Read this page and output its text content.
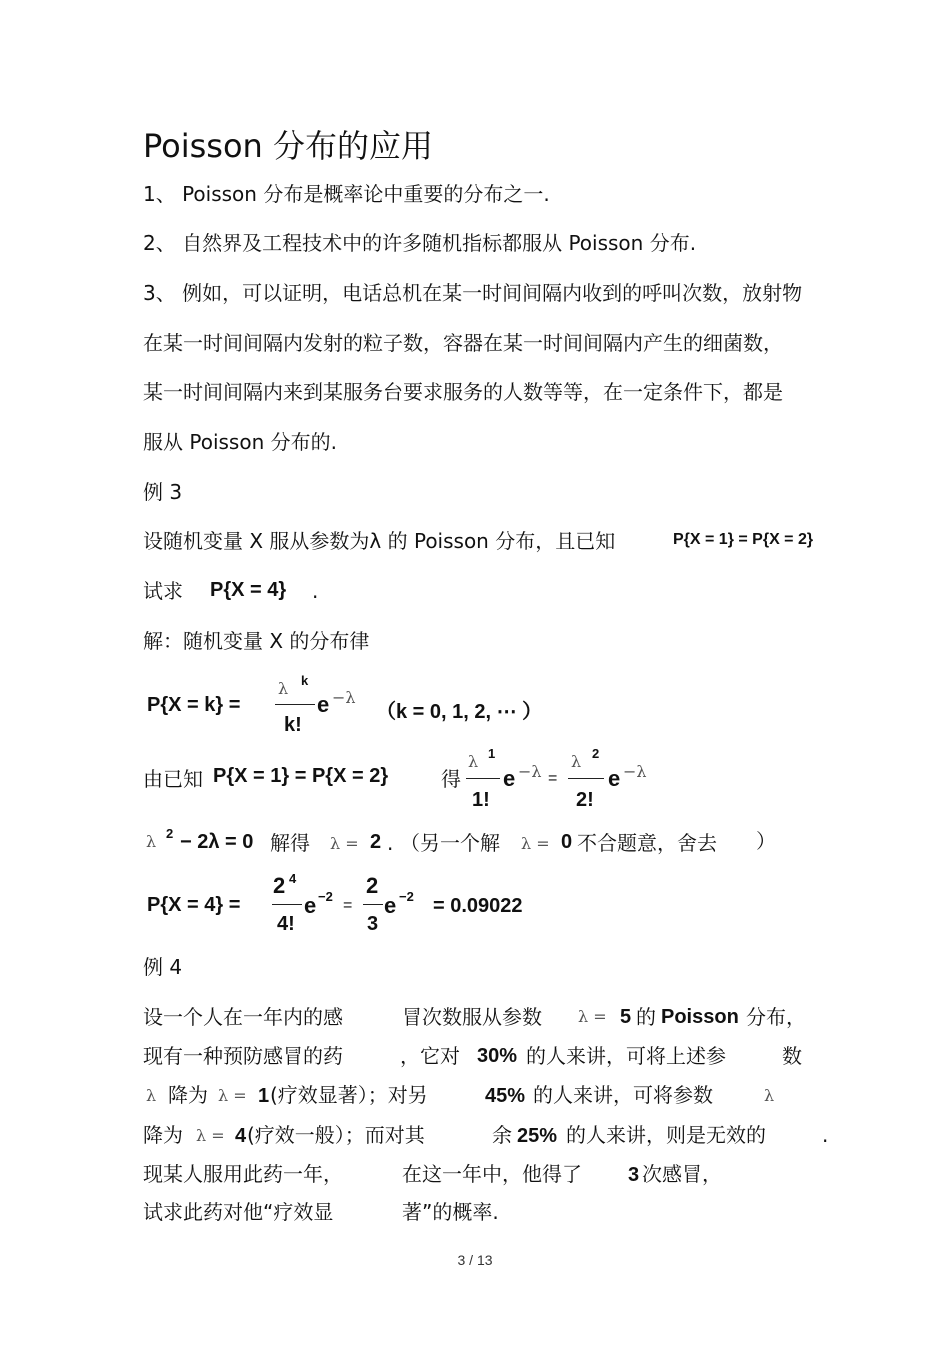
Poisson 分布的应用
1、 Poisson 分布是概率论中重要的分布之一.
2、 自然界及工程技术中的许多随机指标都服从 Poisson 分布.
3、 例如，可以证明，电话总机在某一时间间隔内收到的呼叫次数，放射物
在某一时间间隔内发射的粒子数，容器在某一时间间隔内产生的细菌数，
某一时间间隔内来到某服务台要求服务的人数等等，在一定条件下，都是
服从 Poisson 分布的.
例 3
设随机变量 X 服从参数为λ 的 Poisson 分布，且已知	P{X = 1} = P{X = 2}
试求 P{X = 4} .
解：随机变量 X 的分布律
P{X = k} =
λ k
k!
e −λ
（k = 0, 1, 2, ⋯ ）
由已知 P{X = 1} = P{X = 2}	得
λ 1
1!
e −λ =
λ 2
2!
e −λ
λ 2 − 2λ = 0 解得 λ = 2 . （另一个解 λ = 0 不合题意，舍去 ）
P{X = 4} =
2 4
4!
e −2
=
2
3
e −2 = 0.09022
例 4
设一个人在一年内的感	冒次数服从参数 λ = 5 的 Poisson 分布，
现有一种预防感冒的药	，它对 30% 的人来讲，可将上述参	数
λ 降为 λ = 1 (疗效显著）；对另	45% 的人来讲，可将参数	λ
降为 λ = 4 (疗效一般）；而对其	余 25% 的人来讲，则是无效的	.
现某人服用此药一年，	在这一年中，他得了 3 次感冒，
试求此药对他“疗效显	著”的概率.
3 / 13
